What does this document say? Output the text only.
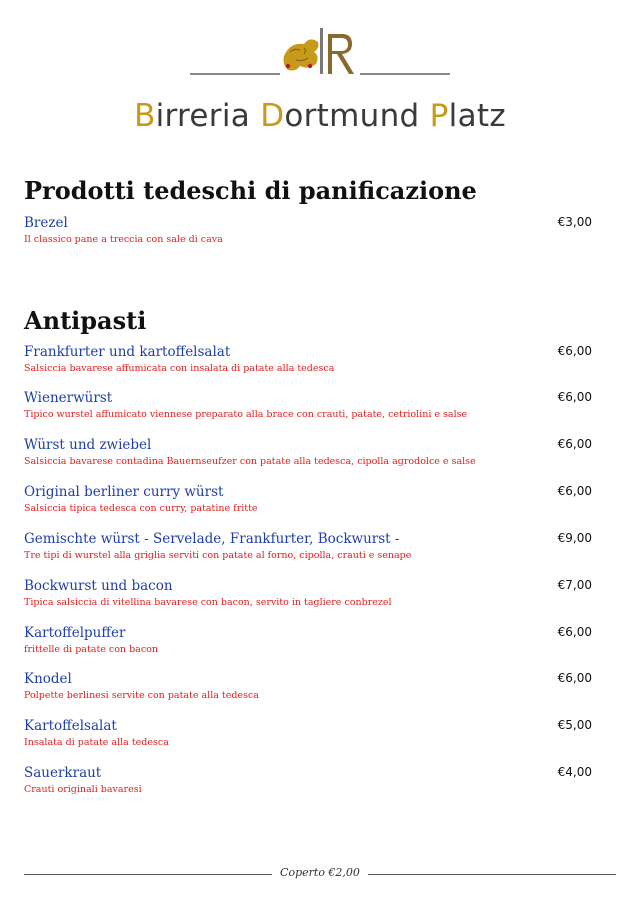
Birreria Dortmund Platz
Prodotti tedeschi di panificazione
Brezel
Il classico pane a treccia con sale di cava
€3,00
Antipasti
Frankfurter und kartoffelsalat
Salsiccia bavarese affumicata con insalata di patate alla tedesca
€6,00
Wienerwürst
Tipico wurstel affumicato viennese preparato alla brace con crauti, patate, cetriolini e salse
€6,00
Würst und zwiebel
Salsiccia bavarese contadina Bauernseufzer con patate alla tedesca, cipolla agrodolce e salse
€6,00
Original berliner curry würst
Salsiccia tipica tedesca con curry, patatine fritte
€6,00
Gemischte würst - Servelade, Frankfurter, Bockwurst -
Tre tipi di wurstel alla griglia serviti con patate al forno, cipolla, crauti e senape
€9,00
Bockwurst und bacon
Tipica salsiccia di vitellina bavarese con bacon, servito in tagliere conbrezel
€7,00
Kartoffelpuffer
frittelle di patate con bacon
€6,00
Knodel
Polpette berlinesi servite con patate alla tedesca
€6,00
Kartoffelsalat
Insalata di patate alla tedesca
€5,00
Sauerkraut
Crauti originali bavaresi
€4,00
Coperto €2,00
